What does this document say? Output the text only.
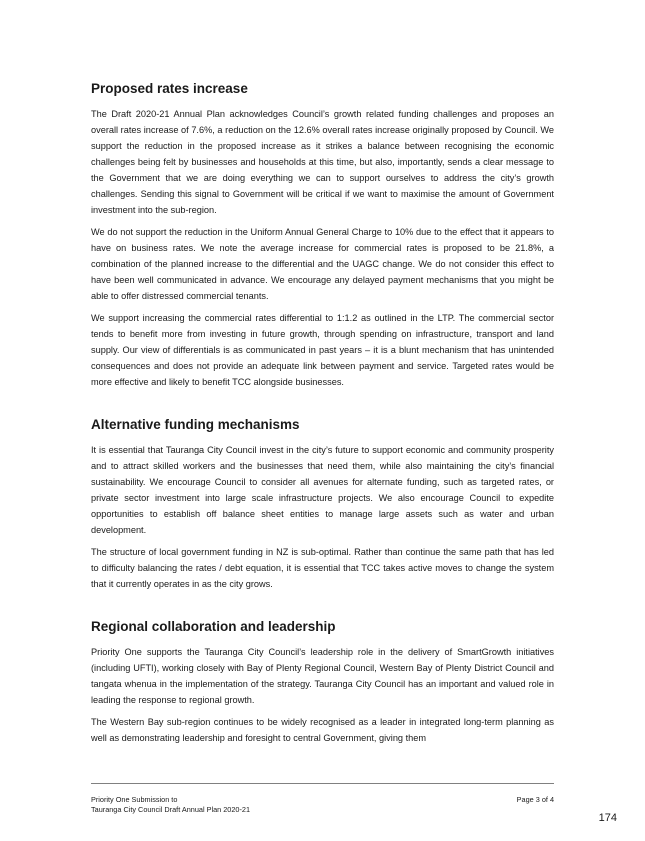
Proposed rates increase

The Draft 2020-21 Annual Plan acknowledges Council’s growth related funding challenges and proposes an overall rates increase of 7.6%, a reduction on the 12.6% overall rates increase originally proposed by Council. We support the reduction in the proposed increase as it strikes a balance between recognising the economic challenges being felt by businesses and households at this time, but also, importantly, sends a clear message to the Government that we are doing everything we can to support ourselves to address the city’s growth challenges. Sending this signal to Government will be critical if we want to maximise the amount of Government investment into the sub-region.

We do not support the reduction in the Uniform Annual General Charge to 10% due to the effect that it appears to have on business rates. We note the average increase for commercial rates is proposed to be 21.8%, a combination of the planned increase to the differential and the UAGC change. We do not consider this effect to have been well communicated in advance. We encourage any delayed payment mechanisms that you might be able to offer distressed commercial tenants.

We support increasing the commercial rates differential to 1:1.2 as outlined in the LTP. The commercial sector tends to benefit more from investing in future growth, through spending on infrastructure, transport and land supply. Our view of differentials is as communicated in past years – it is a blunt mechanism that has unintended consequences and does not provide an adequate link between payment and service. Targeted rates would be more effective and likely to benefit TCC alongside businesses.

Alternative funding mechanisms

It is essential that Tauranga City Council invest in the city’s future to support economic and community prosperity and to attract skilled workers and the businesses that need them, while also maintaining the city’s financial sustainability. We encourage Council to consider all avenues for alternate funding, such as targeted rates, or private sector investment into large scale infrastructure projects. We also encourage Council to expedite opportunities to establish off balance sheet entities to manage large assets such as water and urban development.

The structure of local government funding in NZ is sub-optimal. Rather than continue the same path that has led to difficulty balancing the rates / debt equation, it is essential that TCC takes active moves to change the system that it currently operates in as the city grows.

Regional collaboration and leadership

Priority One supports the Tauranga City Council’s leadership role in the delivery of SmartGrowth initiatives (including UFTI), working closely with Bay of Plenty Regional Council, Western Bay of Plenty District Council and tangata whenua in the implementation of the strategy. Tauranga City Council has an important and valued role in leading the response to regional growth.

The Western Bay sub-region continues to be widely recognised as a leader in integrated long-term planning as well as demonstrating leadership and foresight to central Government, giving them

Priority One Submission to
Tauranga City Council Draft Annual Plan 2020-21
Page 3 of 4
174
